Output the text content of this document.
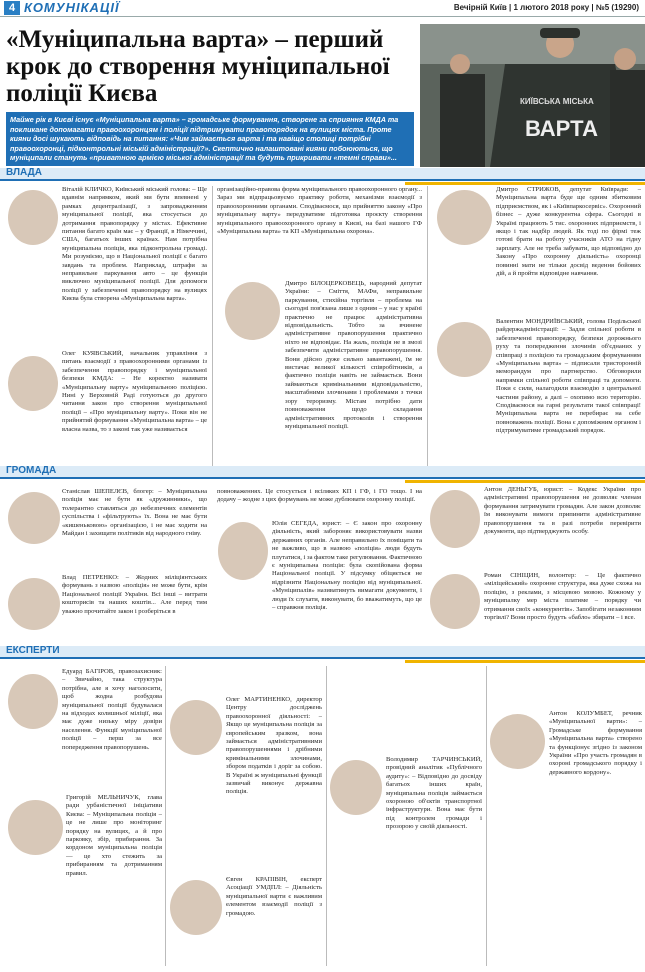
4 КОМУНІКАЦІЇ	Вечірній Київ | 1 лютого 2018 року | №5 (19290)
«Муніципальна варта» – перший крок до створення муніципальної поліції Києва	КИЇВСЬКА МІСЬКА
ВАРТА
Майже рік в Києві існує «Муніципальна варта» – громадське формування, створене за сприяння КМДА та покликане допомагати правоохоронцям і поліції підтримувати правопорядок на вулицях міста. Проте кияни досі шукають відповідь на питання: «Чим займається варта і та навіщо столиці потрібні правоохоронці, підконтрольні міській адміністрації?». Скептично налаштовані кияни побоюються, що муніципали стануть «приватною армією міської адміністрації та будуть прикривати «темні справи»...
ВЛАДА
Віталій КЛИЧКО, Київський міський голова: – Ще вдавнім напрямком, який ми бути впевнені у рамках децентралізації, з запровадженням муніципальної поліції, яка стосується до дотримання правопорядку у містах. Ефективне питання багато країн має – у Франції, в Німеччині, США, багатьох інших країнах. Нам потрібна муніципальна поліція, яка підконтрольна громаді. Ми розуміємо, що в Національної поліції є багато завдань та проблем. Наприклад, штрафи за неправильне паркування авто – це функція виключно муніципальної поліції. Для допомоги поліції у забезпеченні правопорядку на вулицях Києва була створена «Муніципальна варта».
Олег КУЯВСЬКИЙ, начальник управління з питань взаємодії з правоохоронними органами із забезпечення правопорядку і муніципальної безпеки КМДА: – Не коректно називати «Муніципальну варту» муніципальною поліцією. Нині у Верховній Раді готуються до другого читання закон про створення муніципальної поліції – «Про муніципальну варту». Поки він не прийнятий формування «Муніципальна варта» – це власна назва, то з законі так уже називається
організаційно-правова форма муніципального правоохоронного органу... Зараз ми відпрацьовуємо практику роботи, механізми взаємодії з правоохоронними органами. Сподіваємося, що прийняттю закону «Про муніципальну варту» передуватиме підготовка проєкту створення муніципального правоохоронного органу в Києві, на базі нашого ГФ «Муніципальна варта» та КП «Муніципальна охорона».
Дмитро БІЛОЦЕРКОВЕЦЬ, народний депутат України: – Сміття, МАФи, неправильне паркування, стихійна торгівля – проблема на сьогодні пов'язана лише з одним – у нас у країні практично не працює адміністративна відповідальність. Тобто за вчинене адміністративне правопорушення практично ніхто не відповідає. На жаль, поліція не в змозі забезпечити адміністративне правопорушення. Вони дійсно дуже сильно завантажені, їм не вистачає великої кількості співробітників, а фактично поліція навіть не займається. Вони займаються кримінальними відповідальністю, масштабними злочинами і проблемами з точки зору тероризму. Містам потрібно дати повноваження щодо складання адміністративних протоколів і створення муніципальної поліції.
Дмитро СТРИЖОВ, депутат Київради: – Муніципальна варта буде ще одним збитковим підприємством, як і «Київпаркосервіс». Охоронний бізнес – дуже конкурентна сфера. Сьогодні в Україні працюють 5 тис. охоронних підприємств, і якщо і так надбір людей. Як тоді по фірмі теж готові брати на роботу учасників АТО на гідну зарплату. Але не треба забувати, що відповідно до Закону «Про охоронну діяльність» охоронці повинні мати не тільки досвід ведення бойових дій, а й пройти відповідне навчання.
Валентин МОНДРИЇВСЬКИЙ, голова Подільської райдержадміністрації: – Задля спільної роботи в забезпеченні правопорядку, безпеки дорожнього руху та попередження злочинів об'єднаних у співпраці з поліцією та громадським формуванням «Муніципальна варта» – підписали тристоронній меморандум про партнерство. Обговорили напрямки спільної роботи співпраці та допомоги. Поки є сили, налагодили взаємодію з центральної частини району, а далі – охопимо всю територію. Сподіваємося на гарні результати такої співпраці! Муніципальна варта не перебирає на себе повноважень поліції. Вона є допоміжним органом і підтримуватиме громадський порядок.
ГРОМАДА
Станіслав ШЕПЕЛЄВ, блогер: – Муніципальна поліція має не бути як «дружинники», що толерантно ставляться до небезпечних елементів суспільства і «фільтрують» їх. Вона не має бути «кишеньковою» організацією, і не має ходити на Майдан і захищати політиків від народного гніву.
Влад ПЕТРЕНКО: – Жодних міліціянтських формувань з назвою «поліція» не може бути, крім Національної поліції України. Всі інші – витрати кошторисів та наших коштів... Але перед тим уважно прочитайте закон і розберіться в
повноваженнях. Це стосується і всіляких КП і ГФ, і ГО тощо. І на додачу – жодне з цих формувань не може дублювати охоронну поліції.
Юлія СЕГЕДА, юрист: – Є закон про охоронну діяльність, який забороняє використовувати назви державних органів. Але неправильно їх поміщати та не важливо, що в назвою «поліція» люди будуть плутатися, і за фактом таке регулювання. Фактичною є муніципальна поліція: була скопійована форма Національної поліції. У підсумку обіцяється не відрізнити Національну поліцію від муніципальної. «Муніципалів» називатимуть вимагати документи, і люди їх слухати, виконувати, бо вважатимуть, що це – справжня поліція.
Антон ДЕНЬГУБ, юрист: – Кодекс України про адміністративні правопорушення не дозволяє членам формування затримувати громадян. Але закон дозволяє їм виконувати вимоги припинити адміністративне правопорушення та в разі потреби перевірити документи, що підтверджують особу.
Роман СІНІЦИН, волонтер: – Це фактично «міліцейський» охоронне структура, яка дуже схожа на поліцію, з реклами, з місцевою мовою. Кожному у муніципалку мер міста платиме – порядку чи отримання своїх «конкурентів». Запобігати незаконним торгівлі? Вони просто будуть «бабло» збирати – і все.
ЕКСПЕРТИ
Едуард БАГІРОВ, правозахисник: – Звичайно, така структура потрібна, але я хочу наголосити, щоб жодна розбудова муніципальної поліції будувалася на відходах колишньої міліції, яка має дуже низьку міру довіри населення. Функції муніципальної поліції – перш за все попередження правопорушень.
Григорій МЕЛЬНИЧУК, глава ради урбаністичної ініціативи Києва: – Муніципальна поліція – це не лише про моніторинг порядку на вулицях, а й про парковку, збір, прибирання. За кордоном муніципальна поліція — це хто стежить за прибиранням та дотриманням правил.
Олег МАРТИНЕНКО, директор Центру досліджень правоохоронної діяльності: – Якщо це муніципальна поліція за європейським зразком, вона займається адміністративними правопорушеннями і дрібними кримінальними злочинами, збором податків і доріг за собою. В Україні ж муніципальні функції зазвичай виконує державна поліція.
Євген КРАПІВІН, експерт Асоціації УМДПЛ: – Діяльність муніципальної варти є важливим елементом взаємодії поліції з громадою.
Володимир ТАРЧИНСЬКИЙ, провідний аналітик «Публічного аудиту»: – Відповідно до досвіду багатьох інших країн, муніципальна поліція займається охороною об'єктів транспортної інфраструктури. Вона має бути під контролем громади і прозорою у своїй діяльності.
Антон КОЛУМБЕТ, речник «Муніципальної варти»: – Громадське формування «Муніципальна варта» створено та функціонує згідно із законом України «Про участь громадян в охороні громадського порядку і державного кордону».
